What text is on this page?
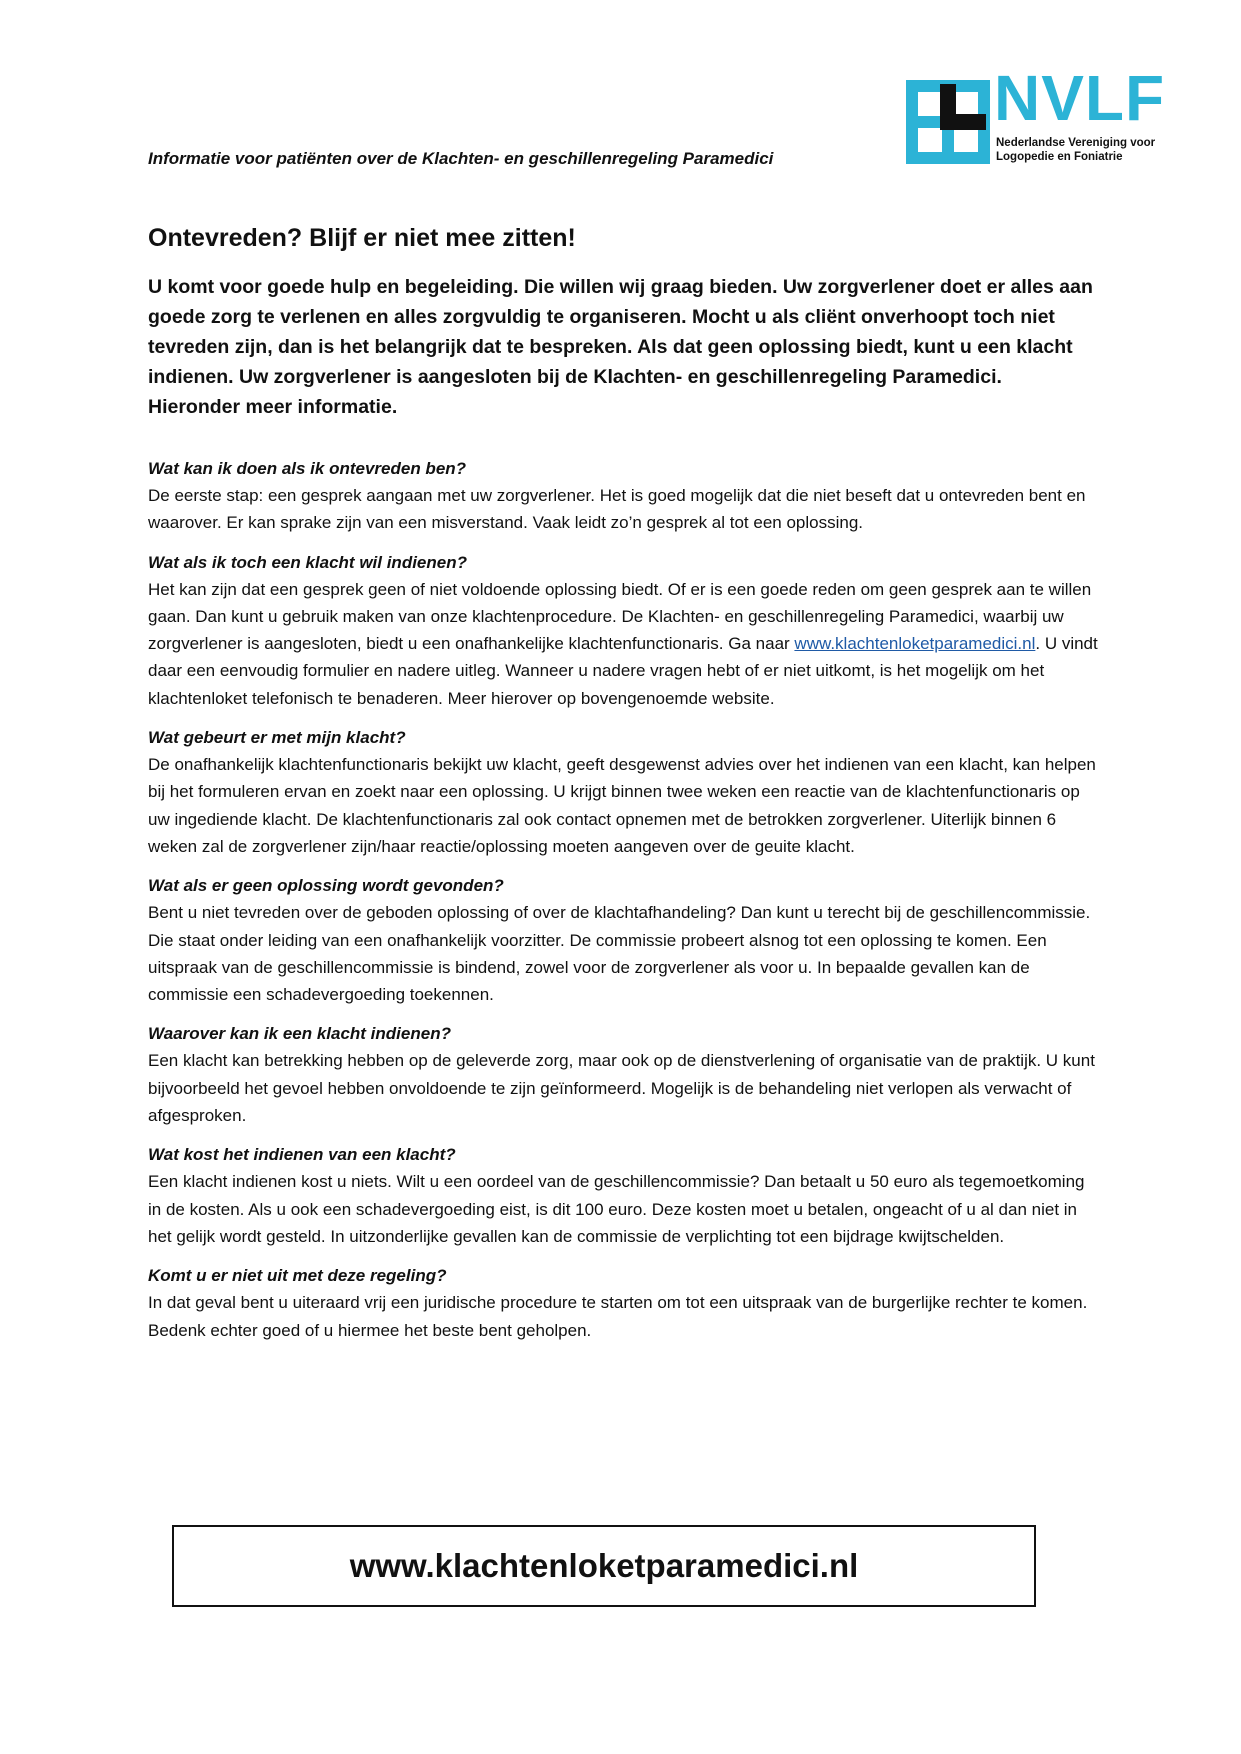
Informatie voor patiënten over de Klachten- en geschillenregeling Paramedici
NVLF
Nederlandse Vereniging voor
Logopedie en Foniatrie
Ontevreden? Blijf er niet mee zitten!
U komt voor goede hulp en begeleiding. Die willen wij graag bieden. Uw zorgverlener doet er alles aan goede zorg te verlenen en alles zorgvuldig te organiseren. Mocht u als cliënt onverhoopt toch niet tevreden zijn, dan is het belangrijk dat te bespreken. Als dat geen oplossing biedt, kunt u een klacht indienen. Uw zorgverlener is aangesloten bij de Klachten- en geschillenregeling Paramedici. Hieronder meer informatie.
Wat kan ik doen als ik ontevreden ben?
De eerste stap: een gesprek aangaan met uw zorgverlener. Het is goed mogelijk dat die niet beseft dat u ontevreden bent en waarover. Er kan sprake zijn van een misverstand. Vaak leidt zo’n gesprek al tot een oplossing.
Wat als ik toch een klacht wil indienen?
Het kan zijn dat een gesprek geen of niet voldoende oplossing biedt. Of er is een goede reden om geen gesprek aan te willen gaan. Dan kunt u gebruik maken van onze klachtenprocedure. De Klachten- en geschillenregeling Paramedici, waarbij uw zorgverlener is aangesloten, biedt u een onafhankelijke klachtenfunctionaris. Ga naar www.klachtenloketparamedici.nl. U vindt daar een eenvoudig formulier en nadere uitleg. Wanneer u nadere vragen hebt of er niet uitkomt, is het mogelijk om het klachtenloket telefonisch te benaderen. Meer hierover op bovengenoemde website.
Wat gebeurt er met mijn klacht?
De onafhankelijk klachtenfunctionaris bekijkt uw klacht, geeft desgewenst advies over het indienen van een klacht, kan helpen bij het formuleren ervan en zoekt naar een oplossing. U krijgt binnen twee weken een reactie van de klachtenfunctionaris op uw ingediende klacht. De klachtenfunctionaris zal ook contact opnemen met de betrokken zorgverlener. Uiterlijk binnen 6 weken zal de zorgverlener zijn/haar reactie/oplossing moeten aangeven over de geuite klacht.
Wat als er geen oplossing wordt gevonden?
Bent u niet tevreden over de geboden oplossing of over de klachtafhandeling? Dan kunt u terecht bij de geschillencommissie. Die staat onder leiding van een onafhankelijk voorzitter. De commissie probeert alsnog tot een oplossing te komen. Een uitspraak van de geschillencommissie is bindend, zowel voor de zorgverlener als voor u. In bepaalde gevallen kan de commissie een schadevergoeding toekennen.
Waarover kan ik een klacht indienen?
Een klacht kan betrekking hebben op de geleverde zorg, maar ook op de dienstverlening of organisatie van de praktijk. U kunt bijvoorbeeld het gevoel hebben onvoldoende te zijn geïnformeerd. Mogelijk is de behandeling niet verlopen als verwacht of afgesproken.
Wat kost het indienen van een klacht?
Een klacht indienen kost u niets. Wilt u een oordeel van de geschillencommissie? Dan betaalt u 50 euro als tegemoetkoming in de kosten. Als u ook een schadevergoeding eist, is dit 100 euro. Deze kosten moet u betalen, ongeacht of u al dan niet in het gelijk wordt gesteld. In uitzonderlijke gevallen kan de commissie de verplichting tot een bijdrage kwijtschelden.
Komt u er niet uit met deze regeling?
In dat geval bent u uiteraard vrij een juridische procedure te starten om tot een uitspraak van de burgerlijke rechter te komen. Bedenk echter goed of u hiermee het beste bent geholpen.
www.klachtenloketparamedici.nl
